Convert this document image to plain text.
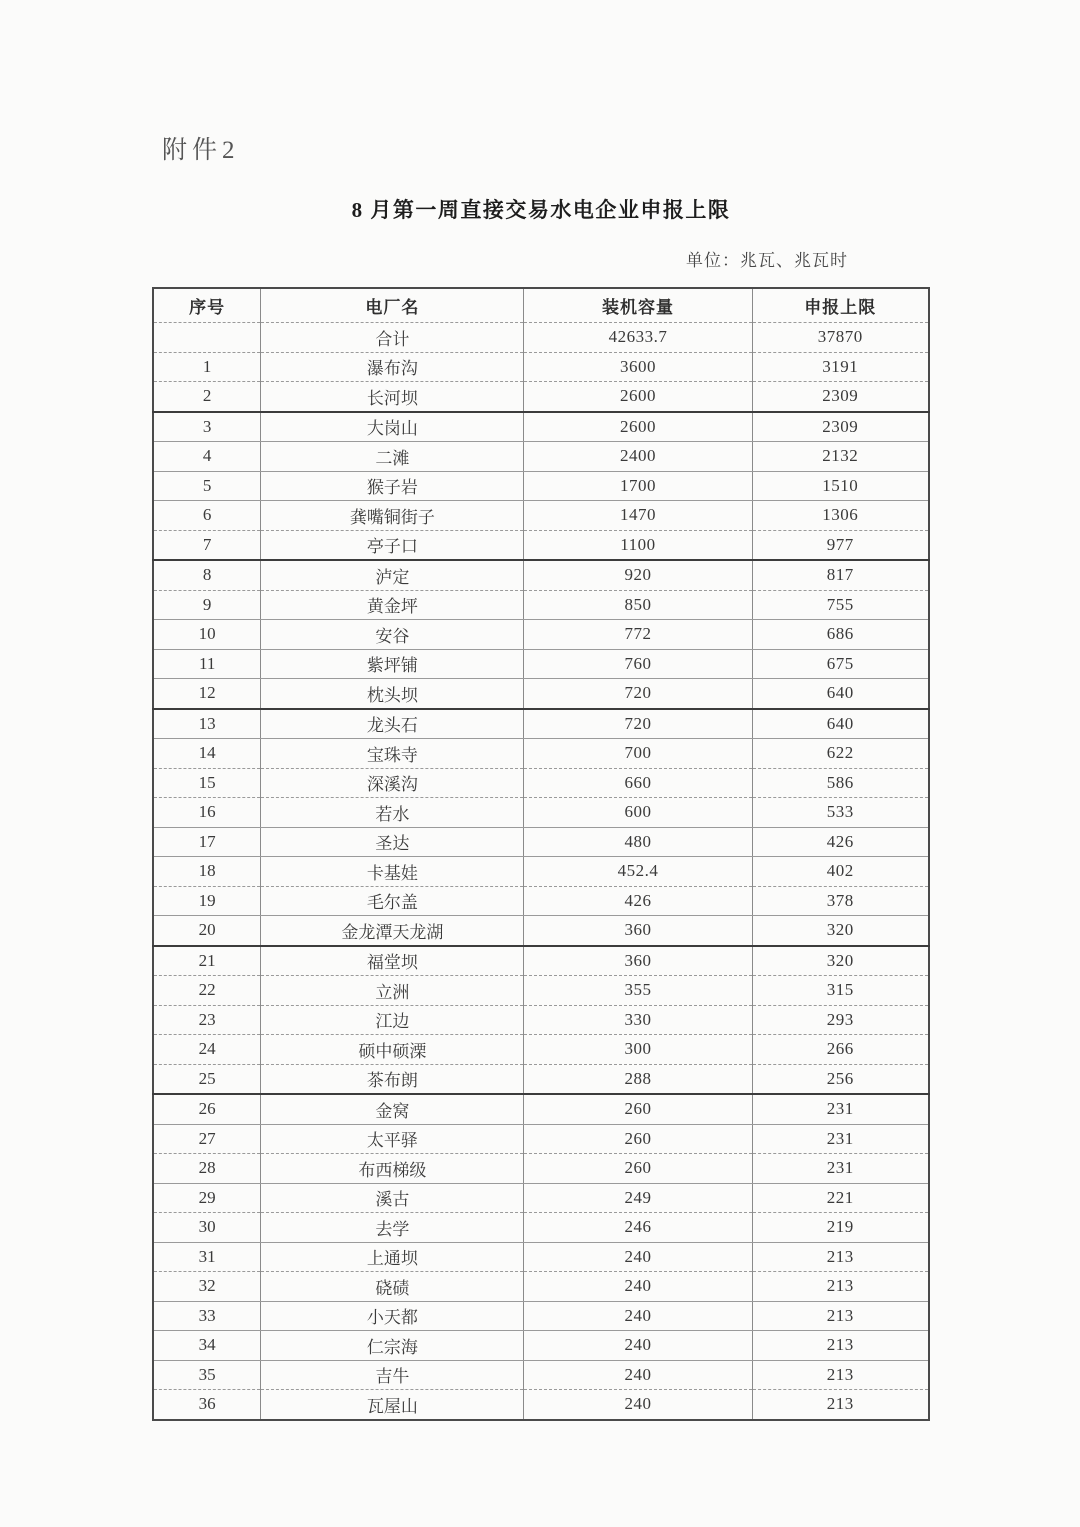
附件2
8 月第一周直接交易水电企业申报上限
单位：兆瓦、兆瓦时
序号	电厂名	装机容量	申报上限
	合计	42633.7	37870
1	瀑布沟	3600	3191
2	长河坝	2600	2309
3	大岗山	2600	2309
4	二滩	2400	2132
5	猴子岩	1700	1510
6	龚嘴铜街子	1470	1306
7	亭子口	1100	977
8	泸定	920	817
9	黄金坪	850	755
10	安谷	772	686
11	紫坪铺	760	675
12	枕头坝	720	640
13	龙头石	720	640
14	宝珠寺	700	622
15	深溪沟	660	586
16	若水	600	533
17	圣达	480	426
18	卡基娃	452.4	402
19	毛尔盖	426	378
20	金龙潭天龙湖	360	320
21	福堂坝	360	320
22	立洲	355	315
23	江边	330	293
24	硕中硕溧	300	266
25	茶布朗	288	256
26	金窝	260	231
27	太平驿	260	231
28	布西梯级	260	231
29	溪古	249	221
30	去学	246	219
31	上通坝	240	213
32	硗碛	240	213
33	小天都	240	213
34	仁宗海	240	213
35	吉牛	240	213
36	瓦屋山	240	213
